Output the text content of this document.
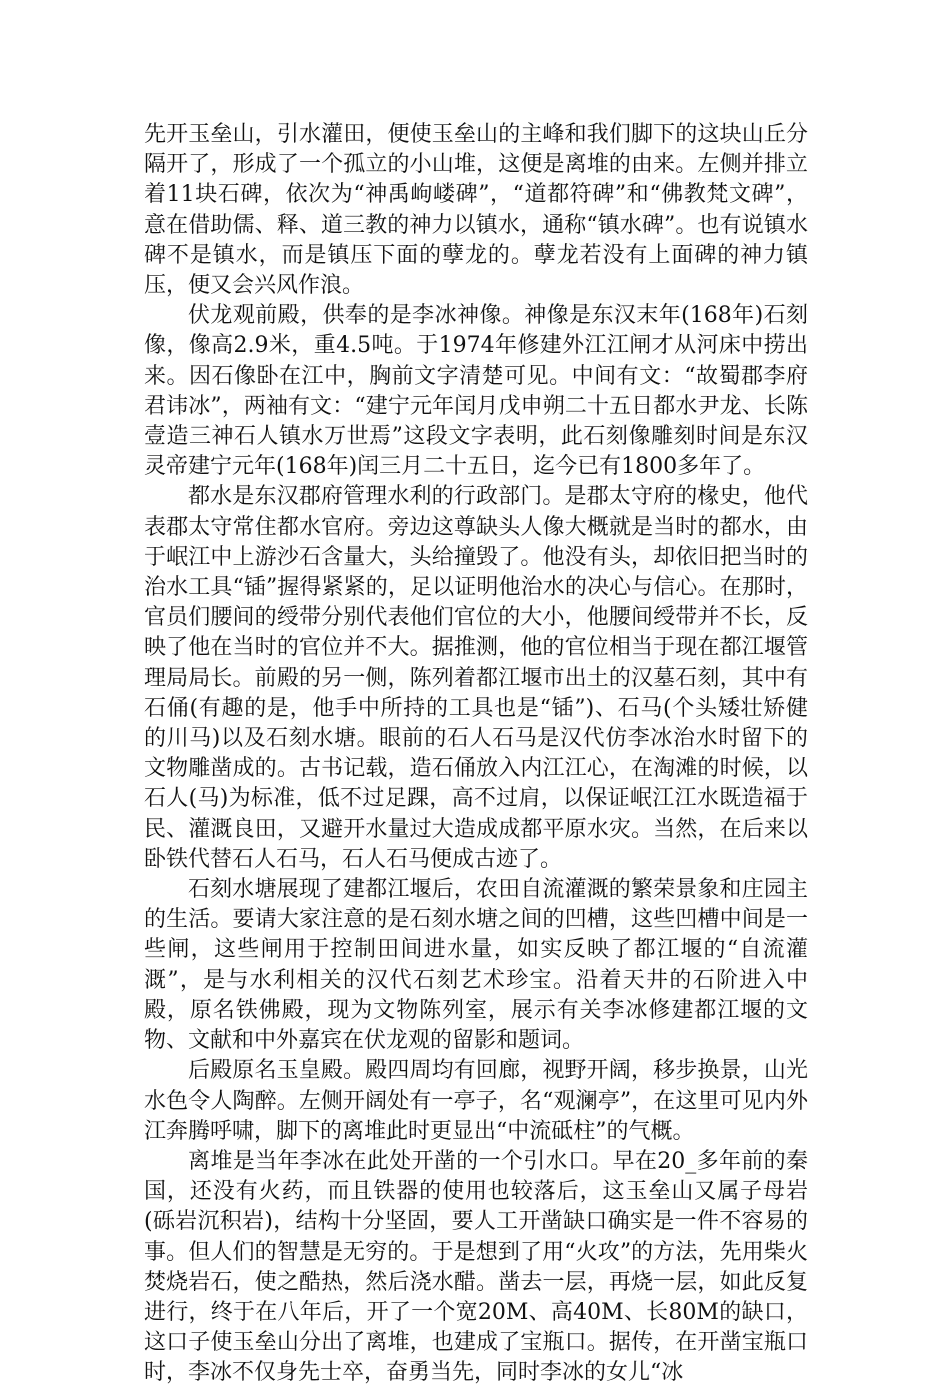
先开玉垒山，引水灌田，便使玉垒山的主峰和我们脚下的这块山丘分隔开了，形成了一个孤立的小山堆，这便是离堆的由来。左侧并排立着11块石碑，依次为“神禹岣嵝碑”，“道都符碑”和“佛教梵文碑”，意在借助儒、释、道三教的神力以镇水，通称“镇水碑”。也有说镇水碑不是镇水，而是镇压下面的孽龙的。孽龙若没有上面碑的神力镇压，便又会兴风作浪。

伏龙观前殿，供奉的是李冰神像。神像是东汉末年(168年)石刻像，像高2.9米，重4.5吨。于1974年修建外江江闸才从河床中捞出来。因石像卧在江中，胸前文字清楚可见。中间有文：“故蜀郡李府君讳冰”，两袖有文：“建宁元年闰月戊申朔二十五日都水尹龙、长陈壹造三神石人镇水万世焉”这段文字表明，此石刻像雕刻时间是东汉灵帝建宁元年(168年)闰三月二十五日，迄今已有1800多年了。

都水是东汉郡府管理水利的行政部门。是郡太守府的椽史，他代表郡太守常住都水官府。旁边这尊缺头人像大概就是当时的都水，由于岷江中上游沙石含量大，头给撞毁了。他没有头，却依旧把当时的治水工具“锸”握得紧紧的，足以证明他治水的决心与信心。在那时，官员们腰间的绶带分别代表他们官位的大小，他腰间绶带并不长，反映了他在当时的官位并不大。据推测，他的官位相当于现在都江堰管理局局长。前殿的另一侧，陈列着都江堰市出土的汉墓石刻，其中有石俑(有趣的是，他手中所持的工具也是“锸”)、石马(个头矮壮矫健的川马)以及石刻水塘。眼前的石人石马是汉代仿李冰治水时留下的文物雕凿成的。古书记载，造石俑放入内江江心，在淘滩的时候，以石人(马)为标准，低不过足踝，高不过肩，以保证岷江江水既造福于民、灌溉良田，又避开水量过大造成成都平原水灾。当然，在后来以卧铁代替石人石马，石人石马便成古迹了。

石刻水塘展现了建都江堰后，农田自流灌溉的繁荣景象和庄园主的生活。要请大家注意的是石刻水塘之间的凹槽，这些凹槽中间是一些闸，这些闸用于控制田间进水量，如实反映了都江堰的“自流灌溉”，是与水利相关的汉代石刻艺术珍宝。沿着天井的石阶进入中殿，原名铁佛殿，现为文物陈列室，展示有关李冰修建都江堰的文物、文献和中外嘉宾在伏龙观的留影和题词。

后殿原名玉皇殿。殿四周均有回廊，视野开阔，移步换景，山光水色令人陶醉。左侧开阔处有一亭子，名“观澜亭”，在这里可见内外江奔腾呼啸，脚下的离堆此时更显出“中流砥柱”的气概。

离堆是当年李冰在此处开凿的一个引水口。早在20_多年前的秦国，还没有火药，而且铁器的使用也较落后，这玉垒山又属子母岩(砾岩沉积岩)，结构十分坚固，要人工开凿缺口确实是一件不容易的事。但人们的智慧是无穷的。于是想到了用“火攻”的方法，先用柴火焚烧岩石，使之酷热，然后浇水醋。凿去一层，再烧一层，如此反复进行，终于在八年后，开了一个宽20M、高40M、长80M的缺口，这口子使玉垒山分出了离堆，也建成了宝瓶口。据传，在开凿宝瓶口时，李冰不仅身先士卒，奋勇当先，同时李冰的女儿“冰
